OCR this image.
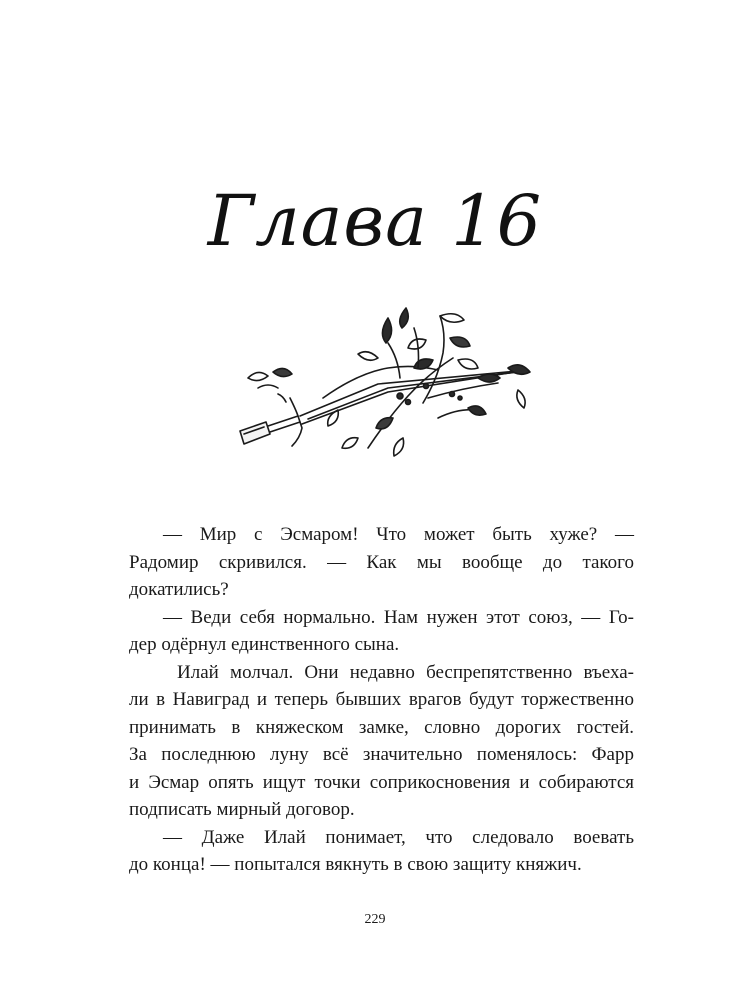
Глава 16
— Мир с Эсмаром! Что может быть хуже? —
Радомир скривился. — Как мы вообще до такого
докатились?
— Веди себя нормально. Нам нужен этот союз, — Го-
дер одёрнул единственного сына.
Илай молчал. Они недавно беспрепятственно въеха-
ли в Навиград и теперь бывших врагов будут торжественно
принимать в княжеском замке, словно дорогих гостей.
За последнюю луну всё значительно поменялось: Фарр
и Эсмар опять ищут точки соприкосновения и собираются
подписать мирный договор.
— Даже Илай понимает, что следовало воевать
до конца! — попытался вякнуть в свою защиту княжич.
229
